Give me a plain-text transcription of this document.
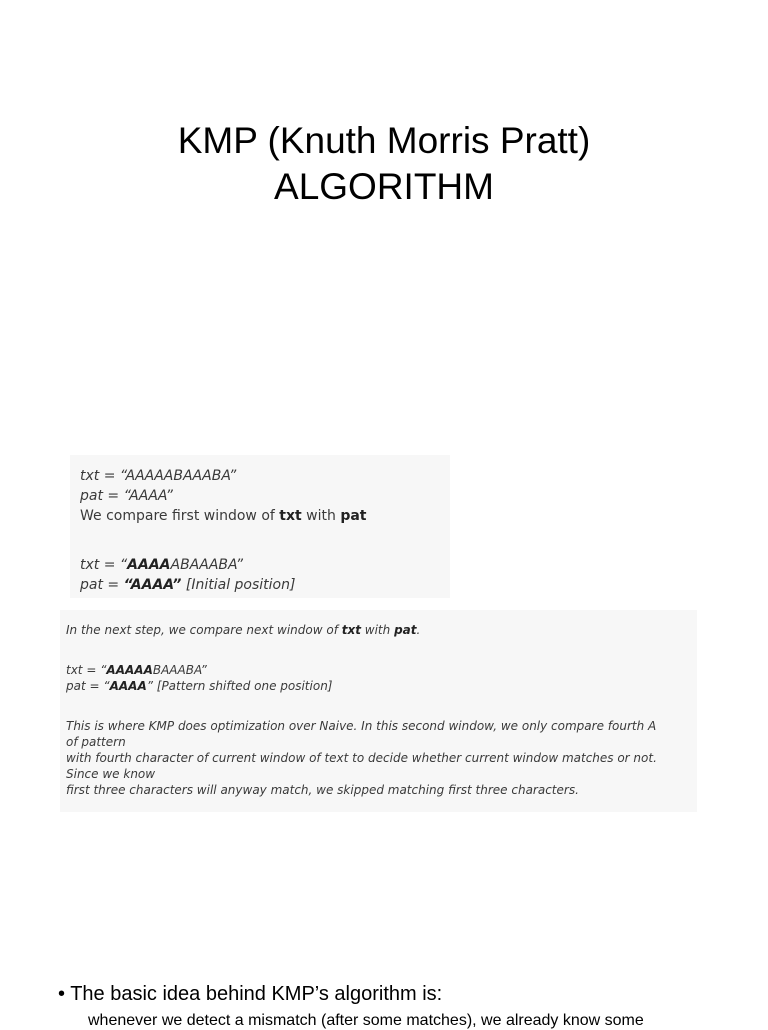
KMP (Knuth Morris Pratt)
ALGORITHM
txt = “AAAAABAAABA”
pat = “AAAA”
We compare first window of txt with pat
txt = “AAAAABAAABA”
pat = “AAAA” [Initial position]
In the next step, we compare next window of txt with pat.
txt = “AAAAABAAABA”
pat = “AAAA” [Pattern shifted one position]
This is where KMP does optimization over Naive. In this second window, we only compare fourth A
of pattern
with fourth character of current window of text to decide whether current window matches or not.
Since we know
first three characters will anyway match, we skipped matching first three characters.
• The basic idea behind KMP’s algorithm is:
whenever we detect a mismatch (after some matches), we already know some
